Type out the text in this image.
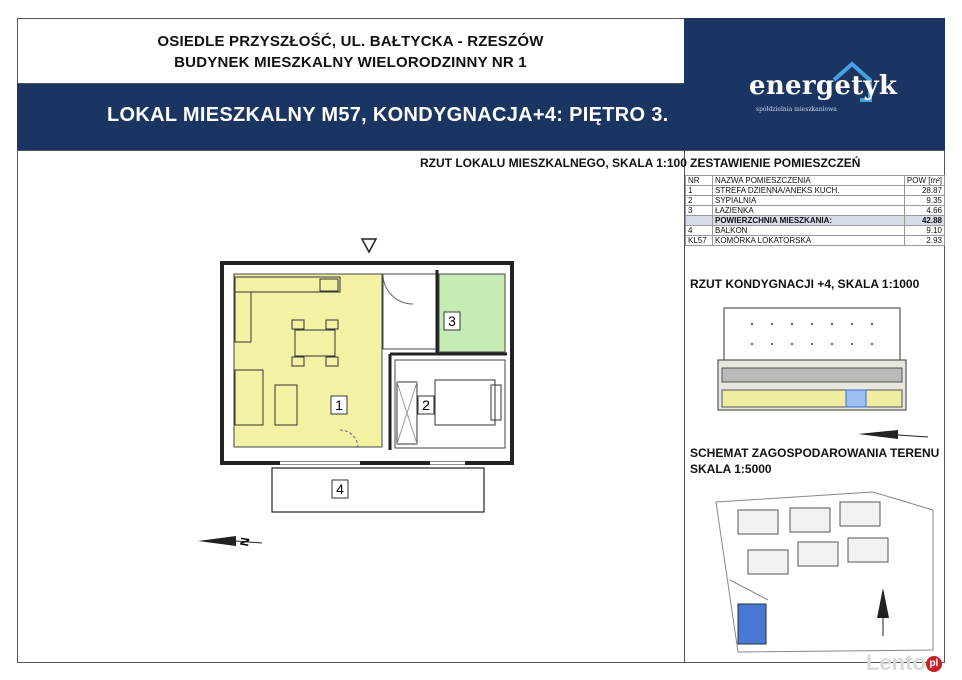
OSIEDLE PRZYSZŁOŚĆ, UL. BAŁTYCKA - RZESZÓW
BUDYNEK MIESZKALNY WIELORODZINNY NR 1
LOKAL MIESZKALNY M57, KONDYGNACJA+4: PIĘTRO 3.
energetyk
spółdzielnia mieszkaniowa
RZUT LOKALU MIESZKALNEGO, SKALA 1:100 ZESTAWIENIE POMIESZCZEŃ
NR	NAZWA POMIESZCZENIA	POW [m²]
1	STREFA DZIENNA/ANEKS KUCH.	28.87
2	SYPIALNIA	9.35
3	ŁAZIENKA	4.66
	POWIERZCHNIA MIESZKANIA:	42.88
4	BALKON	9.10
KL57	KOMÓRKA LOKATORSKA	2.93
1	2
3
4
N
RZUT KONDYGNACJI +4, SKALA 1:1000
SCHEMAT ZAGOSPODAROWANIA TERENU
SKALA 1:5000
Lento pl
